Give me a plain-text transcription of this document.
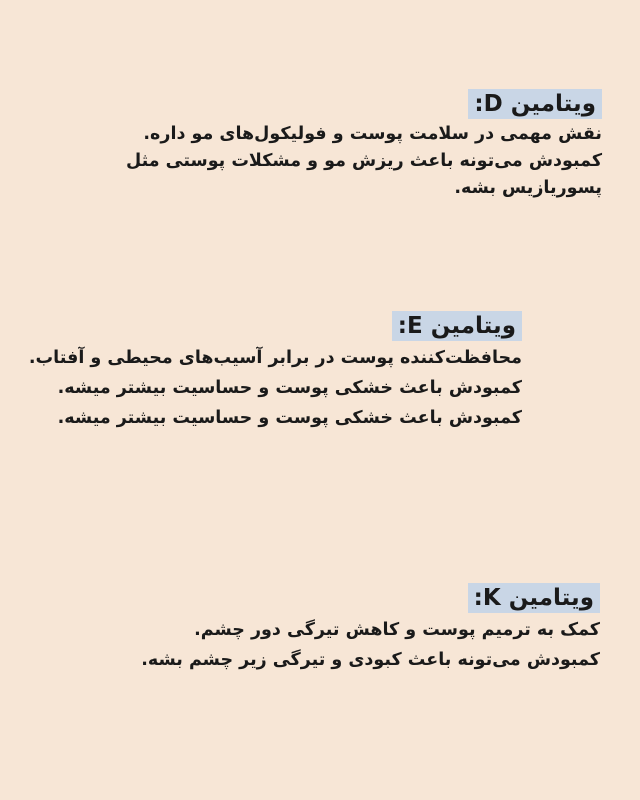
ویتامین D:
نقش مهمی در سلامت پوست و فولیکول‌های مو داره.
کمبودش می‌تونه باعث ریزش مو و مشکلات پوستی مثل
پسوریازیس بشه.
ویتامین E:
محافظت‌کننده پوست در برابر آسیب‌های محیطی و آفتاب.
کمبودش باعث خشکی پوست و حساسیت بیشتر میشه.
کمبودش باعث خشکی پوست و حساسیت بیشتر میشه.
ویتامین K:
کمک به ترمیم پوست و کاهش تیرگی دور چشم.
کمبودش می‌تونه باعث کبودی و تیرگی زیر چشم بشه.
